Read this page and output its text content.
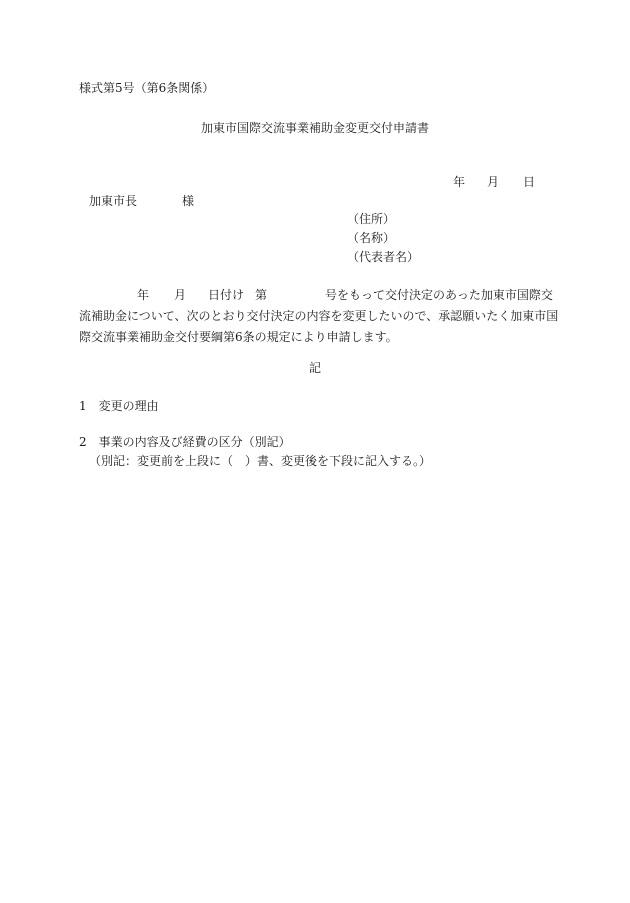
様式第5号（第6条関係）
加東市国際交流事業補助金変更交付申請書
年 月 日
加東市長	様
（住所）
（名称）
（代表者名）
年 月 日付け 第	号をもって交付決定のあった加東市国際交
流補助金について、次のとおり交付決定の内容を変更したいので、承認願いたく加東市国
際交流事業補助金交付要綱第6条の規定により申請します。
記
1　変更の理由
2　事業の内容及び経費の区分（別記）
（別記：変更前を上段に（　）書、変更後を下段に記入する。）
